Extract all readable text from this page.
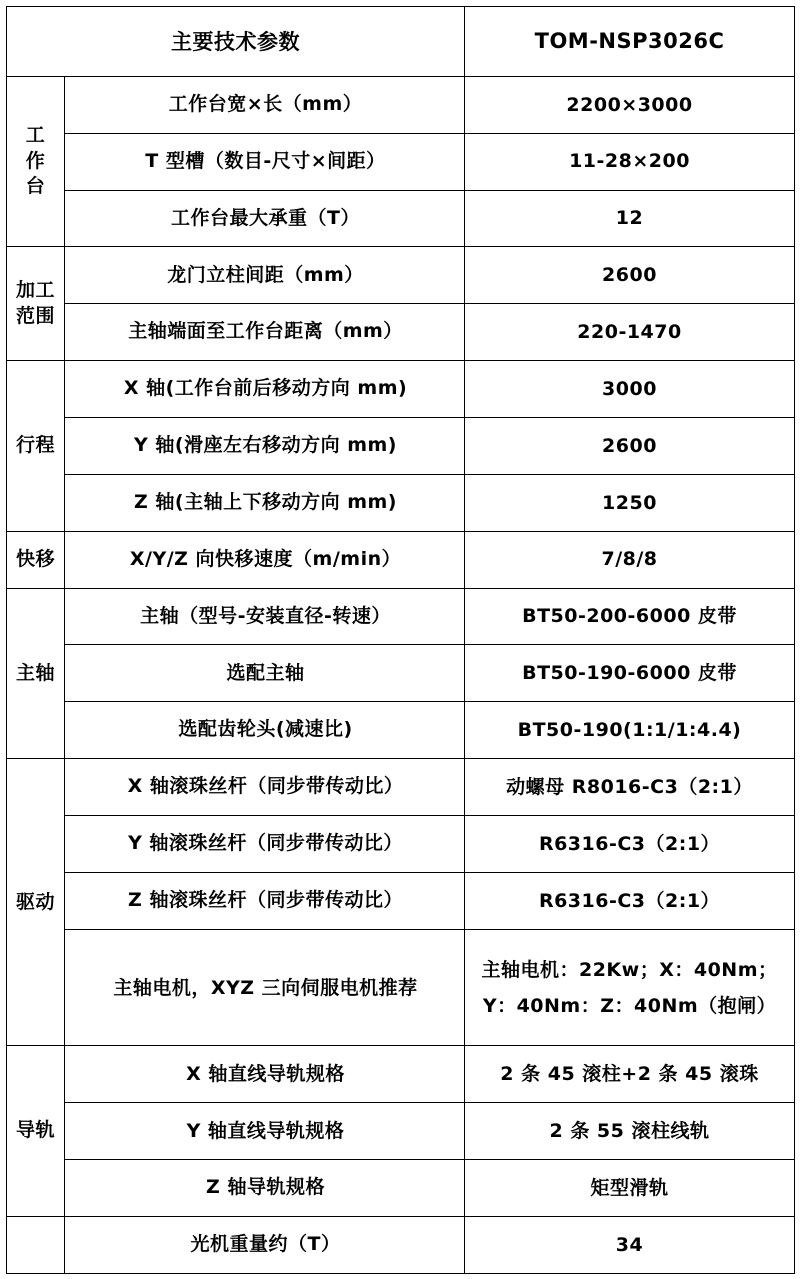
主要技术参数		TOM-NSP3026C

工
作
台	工作台宽×长（mm）	2200×3000
	T 型槽（数目-尺寸×间距）	11-28×200
	工作台最大承重（T）	12

加工
范围	龙门立柱间距（mm）	2600
	主轴端面至工作台距离（mm）	220-1470

行程	X 轴(工作台前后移动方向 mm)	3000
	Y 轴(滑座左右移动方向 mm)	2600
	Z 轴(主轴上下移动方向 mm)	1250

快移	X/Y/Z 向快移速度（m/min）	7/8/8

主轴	主轴（型号-安装直径-转速）	BT50-200-6000 皮带
	选配主轴	BT50-190-6000 皮带
	选配齿轮头(减速比)	BT50-190(1:1/1:4.4)

驱动	X 轴滚珠丝杆（同步带传动比）	动螺母 R8016-C3（2:1）
	Y 轴滚珠丝杆（同步带传动比）	R6316-C3（2:1）
	Z 轴滚珠丝杆（同步带传动比）	R6316-C3（2:1）
	主轴电机，XYZ 三向伺服电机推荐	主轴电机：22Kw；X：40Nm；Y：40Nm：Z：40Nm（抱闸）

导轨	X 轴直线导轨规格	2 条 45 滚柱+2 条 45 滚珠
	Y 轴直线导轨规格	2 条 55 滚柱线轨
	Z 轴导轨规格	矩型滑轨
	光机重量约（T）	34
